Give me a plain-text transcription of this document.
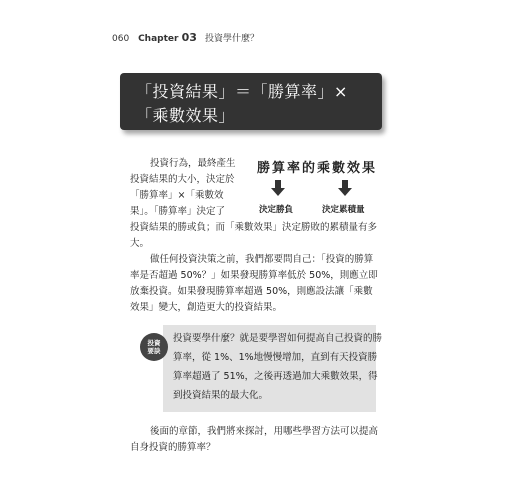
060 Chapter 03 投資學什麼？
「投資結果」＝「勝算率」×
「乘數效果」
投資行為，最終產生
投資結果的大小，決定於
「勝算率」×「乘數效
果」。「勝算率」決定了
投資結果的勝或負；而「乘數效果」決定勝敗的累積量有多
大。
勝算率的乘數效果
決定勝負	決定累積量
做任何投資決策之前，我們都要問自己：「投資的勝算
率是否超過 50%？」如果發現勝算率低於 50%，則應立即
放棄投資。如果發現勝算率超過 50%，則應設法讓「乘數
效果」變大，創造更大的投資結果。
投資要學什麼？就是要學習如何提高自己投資的勝
算率，從 1%、1%地慢慢增加，直到有天投資勝
算率超過了 51%，之後再透過加大乘數效果，得
到投資結果的最大化。
投資
要訣
後面的章節，我們將來探討，用哪些學習方法可以提高
自身投資的勝算率？
